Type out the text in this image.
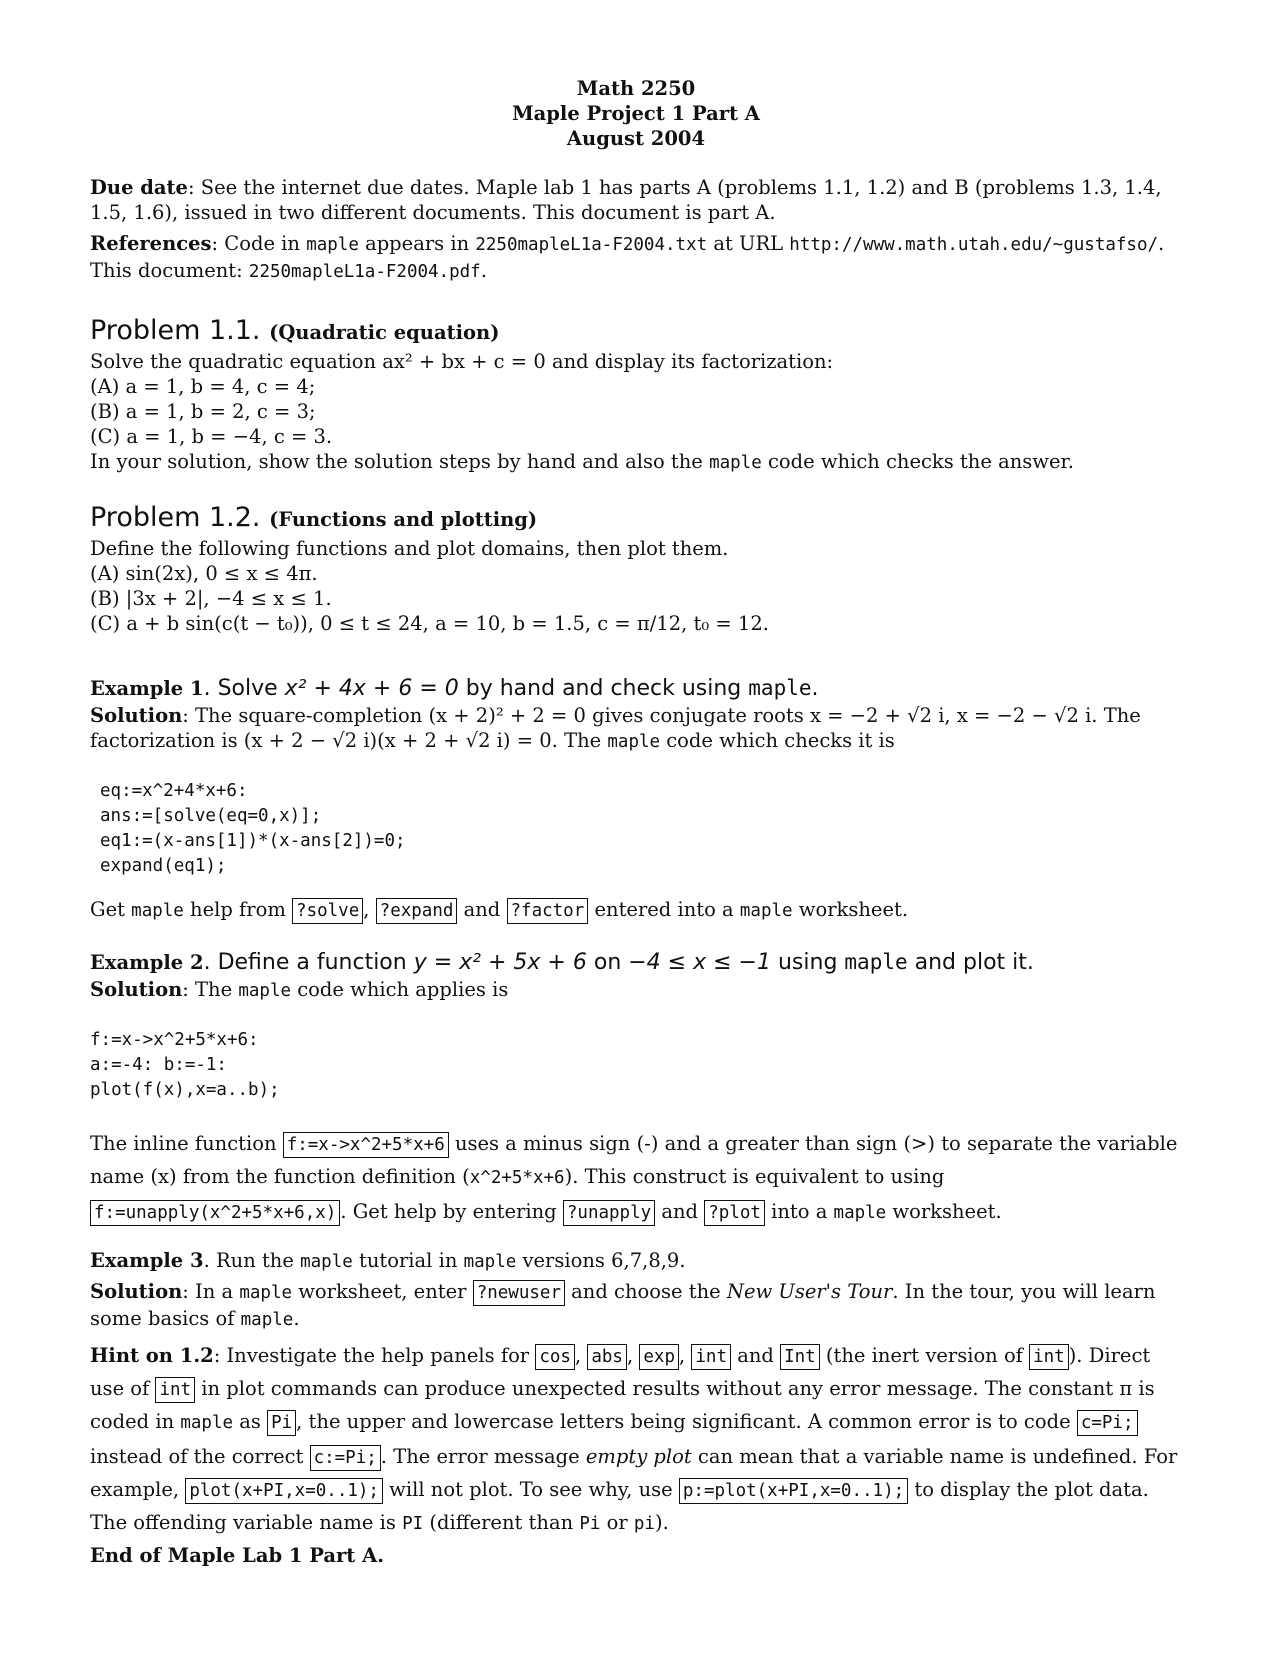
Math 2250
Maple Project 1 Part A
August 2004

Due date: See the internet due dates. Maple lab 1 has parts A (problems 1.1, 1.2) and B (problems 1.3, 1.4, 1.5, 1.6), issued in two different documents. This document is part A.

References: Code in maple appears in 2250mapleL1a-F2004.txt at URL http://www.math.utah.edu/~gustafso/. This document: 2250mapleL1a-F2004.pdf.

Problem 1.1. (Quadratic equation)

Solve the quadratic equation ax² + bx + c = 0 and display its factorization:

(A) a = 1, b = 4, c = 4;

(B) a = 1, b = 2, c = 3;

(C) a = 1, b = −4, c = 3.

In your solution, show the solution steps by hand and also the maple code which checks the answer.

Problem 1.2. (Functions and plotting)

Define the following functions and plot domains, then plot them.

(A) sin(2x), 0 ≤ x ≤ 4π.

(B) |3x + 2|, −4 ≤ x ≤ 1.

(C) a + b sin(c(t − t₀)), 0 ≤ t ≤ 24, a = 10, b = 1.5, c = π/12, t₀ = 12.

Example 1. Solve x² + 4x + 6 = 0 by hand and check using maple.

Solution: The square-completion (x + 2)² + 2 = 0 gives conjugate roots x = −2 + √2 i, x = −2 − √2 i. The factorization is (x + 2 − √2 i)(x + 2 + √2 i) = 0. The maple code which checks it is

eq:=x^2+4*x+6:
ans:=[solve(eq=0,x)];
eq1:=(x-ans[1])*(x-ans[2])=0;
expand(eq1);

Get maple help from ?solve , ?expand and ?factor entered into a maple worksheet.

Example 2. Define a function y = x² + 5x + 6 on −4 ≤ x ≤ −1 using maple and plot it.

Solution: The maple code which applies is

f:=x->x^2+5*x+6:
a:=-4: b:=-1:
plot(f(x),x=a..b);

The inline function f:=x->x^2+5*x+6 uses a minus sign (-) and a greater than sign (>) to separate the variable name (x) from the function definition (x^2+5*x+6). This construct is equivalent to using f:=unapply(x^2+5*x+6,x) . Get help by entering ?unapply and ?plot into a maple worksheet.

Example 3. Run the maple tutorial in maple versions 6,7,8,9.

Solution: In a maple worksheet, enter ?newuser and choose the New User's Tour. In the tour, you will learn some basics of maple.

Hint on 1.2: Investigate the help panels for cos , abs , exp , int and Int (the inert version of int ). Direct use of int in plot commands can produce unexpected results without any error message. The constant π is coded in maple as Pi , the upper and lowercase letters being significant. A common error is to code c=Pi; instead of the correct c:=Pi; . The error message empty plot can mean that a variable name is undefined. For example, plot(x+PI,x=0..1); will not plot. To see why, use p:=plot(x+PI,x=0..1); to display the plot data. The offending variable name is PI (different than Pi or pi).

End of Maple Lab 1 Part A.
